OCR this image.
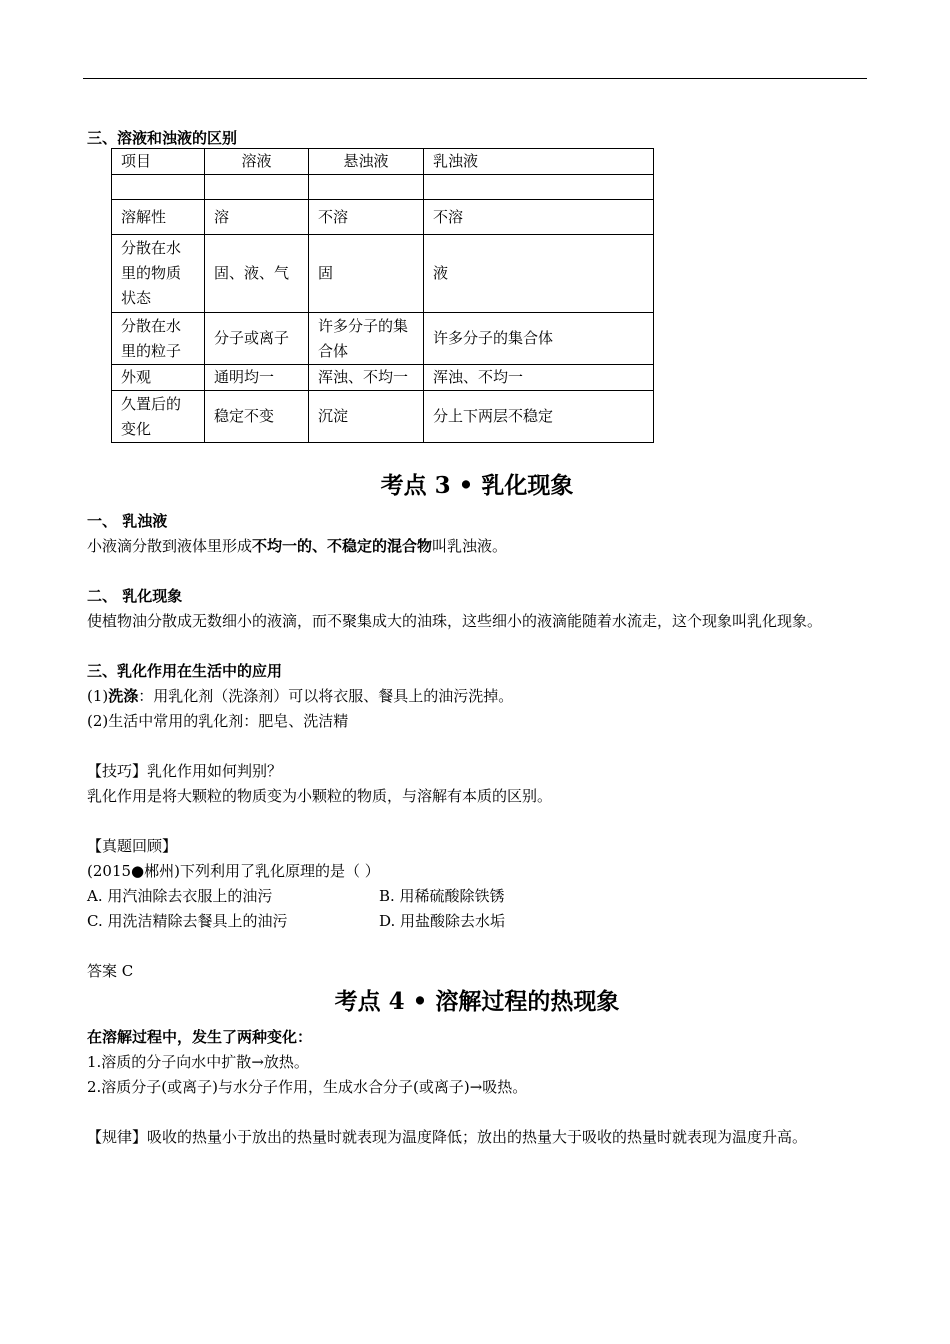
三、溶液和浊液的区别
项目	溶液	悬浊液	乳浊液

溶解性	溶	不溶	不溶
分散在水里的物质状态	固、液、气	固	液
分散在水里的粒子	分子或离子	许多分子的集合体	许多分子的集合体
外观	通明均一	浑浊、不均一	浑浊、不均一
久置后的变化	稳定不变	沉淀	分上下两层不稳定
考点 3 • 乳化现象
一、 乳浊液
小液滴分散到液体里形成不均一的、不稳定的混合物叫乳浊液。
二、 乳化现象
使植物油分散成无数细小的液滴，而不聚集成大的油珠，这些细小的液滴能随着水流走，这个现象叫乳化现象。
三、乳化作用在生活中的应用
(1)洗涤：用乳化剂（洗涤剂）可以将衣服、餐具上的油污洗掉。
(2)生活中常用的乳化剂：肥皂、洗洁精
【技巧】乳化作用如何判别？
乳化作用是将大颗粒的物质变为小颗粒的物质，与溶解有本质的区别。
【真题回顾】
(2015●郴州)下列利用了乳化原理的是（ ）
A. 用汽油除去衣服上的油污	B. 用稀硫酸除铁锈
C. 用洗洁精除去餐具上的油污	D. 用盐酸除去水垢
答案 C
考点 4 • 溶解过程的热现象
在溶解过程中，发生了两种变化：
1.溶质的分子向水中扩散→放热。
2.溶质分子(或离子)与水分子作用，生成水合分子(或离子)→吸热。
【规律】吸收的热量小于放出的热量时就表现为温度降低；放出的热量大于吸收的热量时就表现为温度升高。
